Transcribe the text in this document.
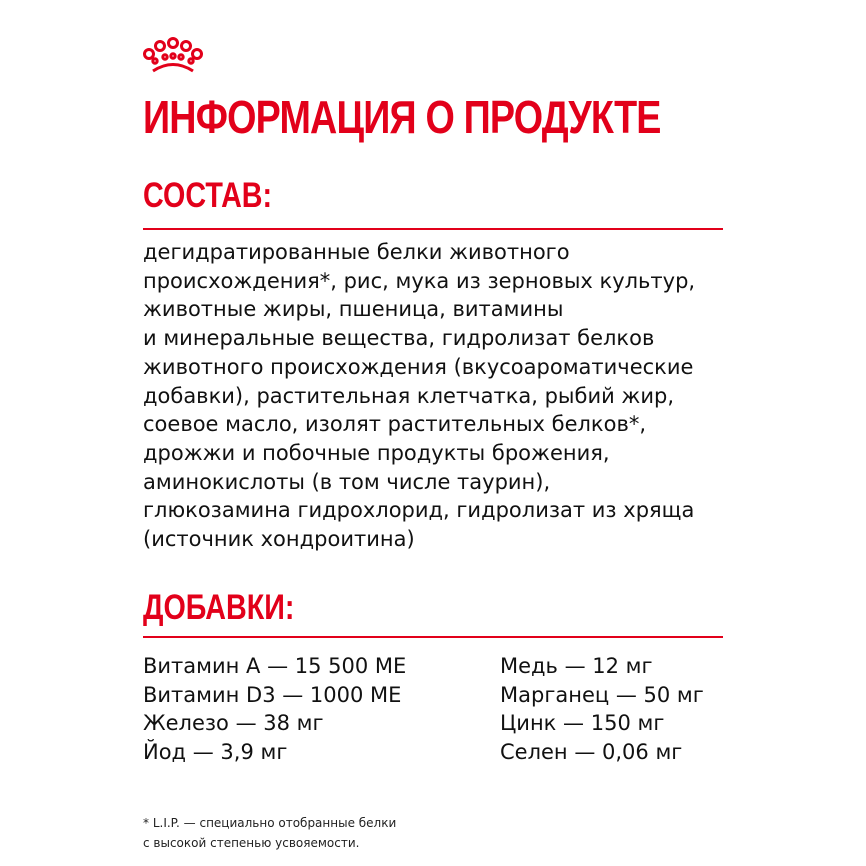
ИНФОРМАЦИЯ О ПРОДУКТЕ
СОСТАВ:
дегидратированные белки животного
происхождения*, рис, мука из зерновых культур,
животные жиры, пшеница, витамины
и минеральные вещества, гидролизат белков
животного происхождения (вкусоароматические
добавки), растительная клетчатка, рыбий жир,
соевое масло, изолят растительных белков*,
дрожжи и побочные продукты брожения,
аминокислоты (в том числе таурин),
глюкозамина гидрохлорид, гидролизат из хряща
(источник хондроитина)
ДОБАВКИ:
Витамин А — 15 500 МЕ
Витамин D3 — 1000 МЕ
Железо — 38 мг
Йод — 3,9 мг
Медь — 12 мг
Марганец — 50 мг
Цинк — 150 мг
Селен — 0,06 мг
* L.I.P. — специально отобранные белки
с высокой степенью усвояемости.
